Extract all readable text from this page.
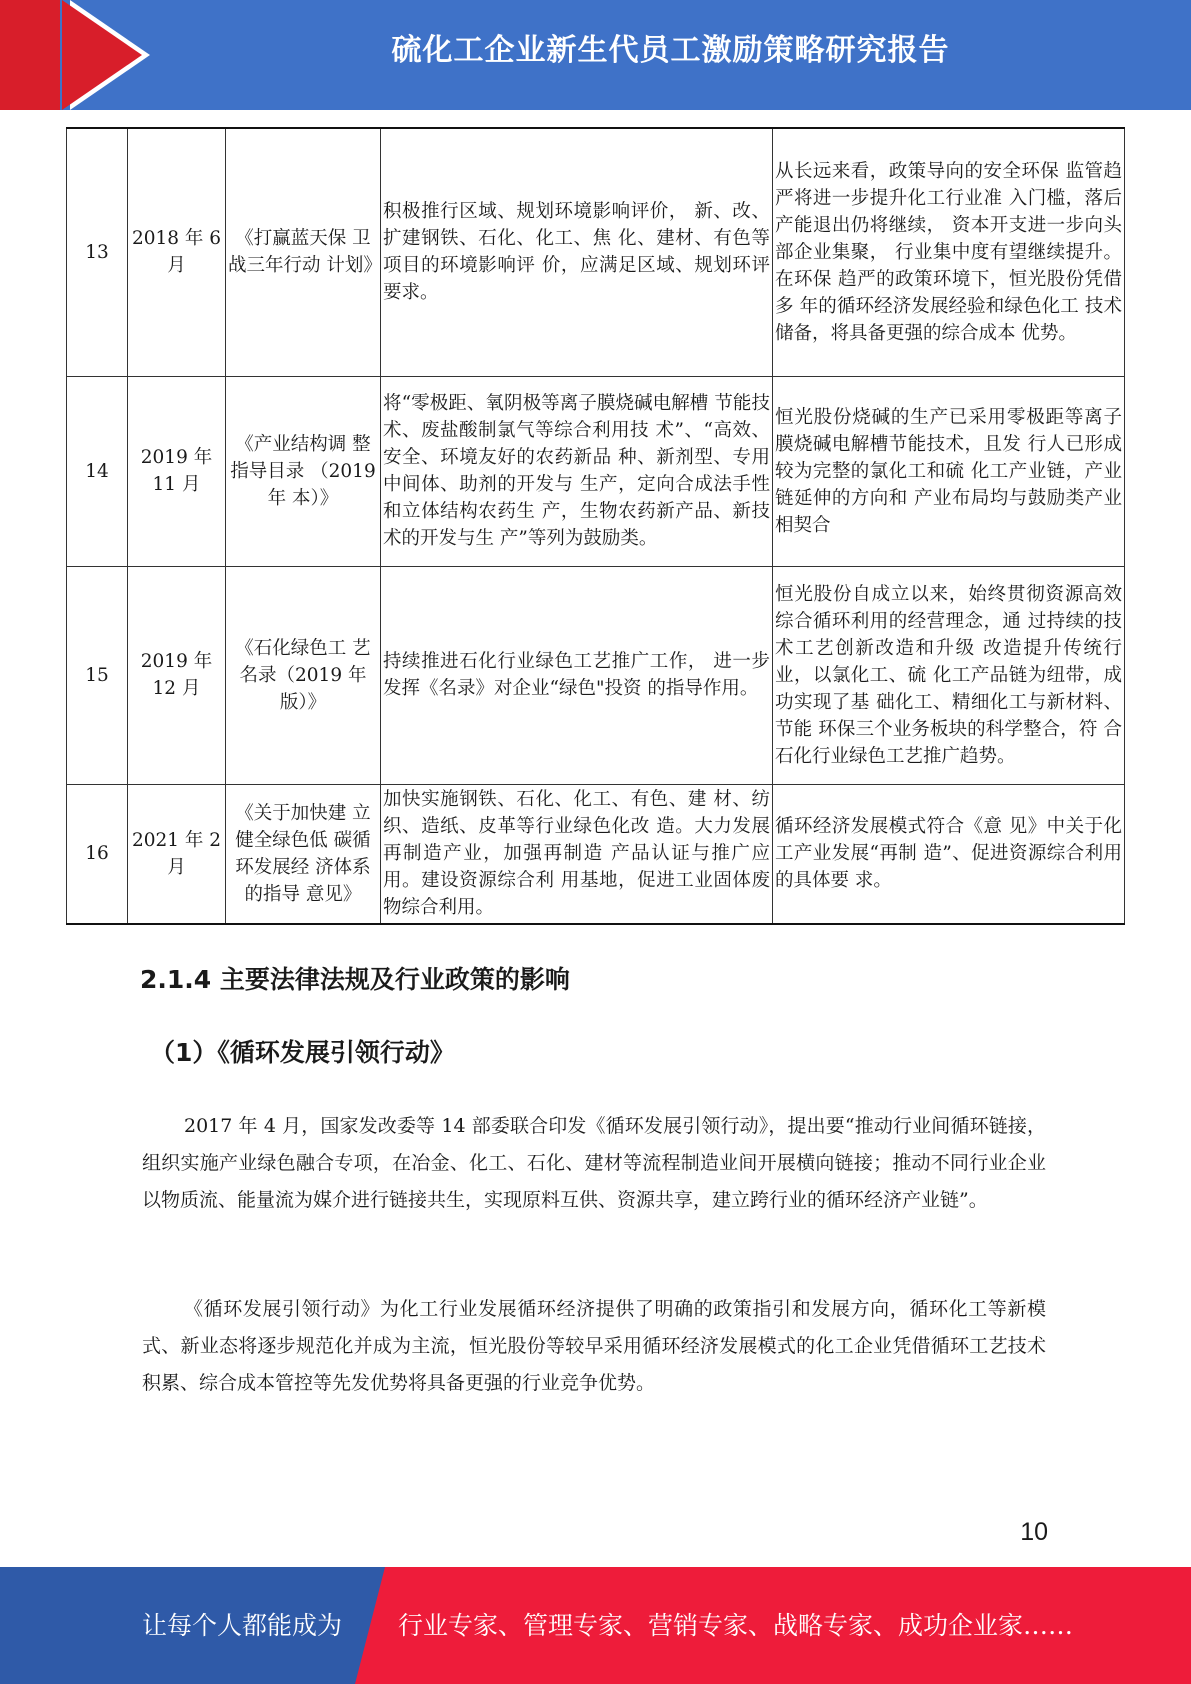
硫化工企业新生代员工激励策略研究报告
13	2018 年 6月	《打赢蓝天保 卫战三年行动 计划》	积极推行区域、规划环境影响评价， 新、改、扩建钢铁、石化、化工、焦 化、建材、有色等项目的环境影响评 价，应满足区域、规划环评要求。	从长远来看，政策导向的安全环保 监管趋严将进一步提升化工行业准 入门槛，落后产能退出仍将继续， 资本开支进一步向头部企业集聚， 行业集中度有望继续提升。在环保 趋严的政策环境下，恒光股份凭借多 年的循环经济发展经验和绿色化工 技术储备，将具备更强的综合成本 优势。
14	2019 年 11 月	《产业结构调 整指导目录 （2019 年 本）》	将“零极距、氧阴极等离子膜烧碱电解槽 节能技术、废盐酸制氯气等综合利用技 术”、“高效、安全、环境友好的农药新品 种、新剂型、专用中间体、助剂的开发与 生产，定向合成法手性和立体结构农药生 产，生物农药新产品、新技术的开发与生 产”等列为鼓励类。	恒光股份烧碱的生产已采用零极距等离子膜烧碱电解槽节能技术，且发 行人已形成较为完整的氯化工和硫 化工产业链，产业链延伸的方向和 产业布局均与鼓励类产业相契合
15	2019 年 12 月	《石化绿色工 艺名录（2019 年版）》	持续推进石化行业绿色工艺推广工作， 进一步发挥《名录》对企业“绿色"投资 的指导作用。	恒光股份自成立以来，始终贯彻资源高效综合循环利用的经营理念，通 过持续的技术工艺创新改造和升级 改造提升传统行业，以氯化工、硫 化工产品链为纽带，成功实现了基 础化工、精细化工与新材料、节能 环保三个业务板块的科学整合，符 合石化行业绿色工艺推广趋势。
16	2021 年 2月	《关于加快建 立健全绿色低 碳循环发展经 济体系的指导 意见》	加快实施钢铁、石化、化工、有色、建 材、纺织、造纸、皮革等行业绿色化改 造。大力发展再制造产业，加强再制造 产品认证与推广应用。建设资源综合利 用基地，促进工业固体废物综合利用。	循环经济发展模式符合《意 见》中关于化工产业发展“再制 造”、促进资源综合利用的具体要 求。
2.1.4 主要法律法规及行业政策的影响
（1）《循环发展引领行动》

2017 年 4 月，国家发改委等 14 部委联合印发《循环发展引领行动》，提出要“推动行业间循环链接，组织实施产业绿色融合专项，在冶金、化工、石化、建材等流程制造业间开展横向链接；推动不同行业企业以物质流、能量流为媒介进行链接共生，实现原料互供、资源共享，建立跨行业的循环经济产业链”。

《循环发展引领行动》为化工行业发展循环经济提供了明确的政策指引和发展方向，循环化工等新模式、新业态将逐步规范化并成为主流，恒光股份等较早采用循环经济发展模式的化工企业凭借循环工艺技术积累、综合成本管控等先发优势将具备更强的行业竞争优势。

10
让每个人都能成为 行业专家、管理专家、营销专家、战略专家、成功企业家……
